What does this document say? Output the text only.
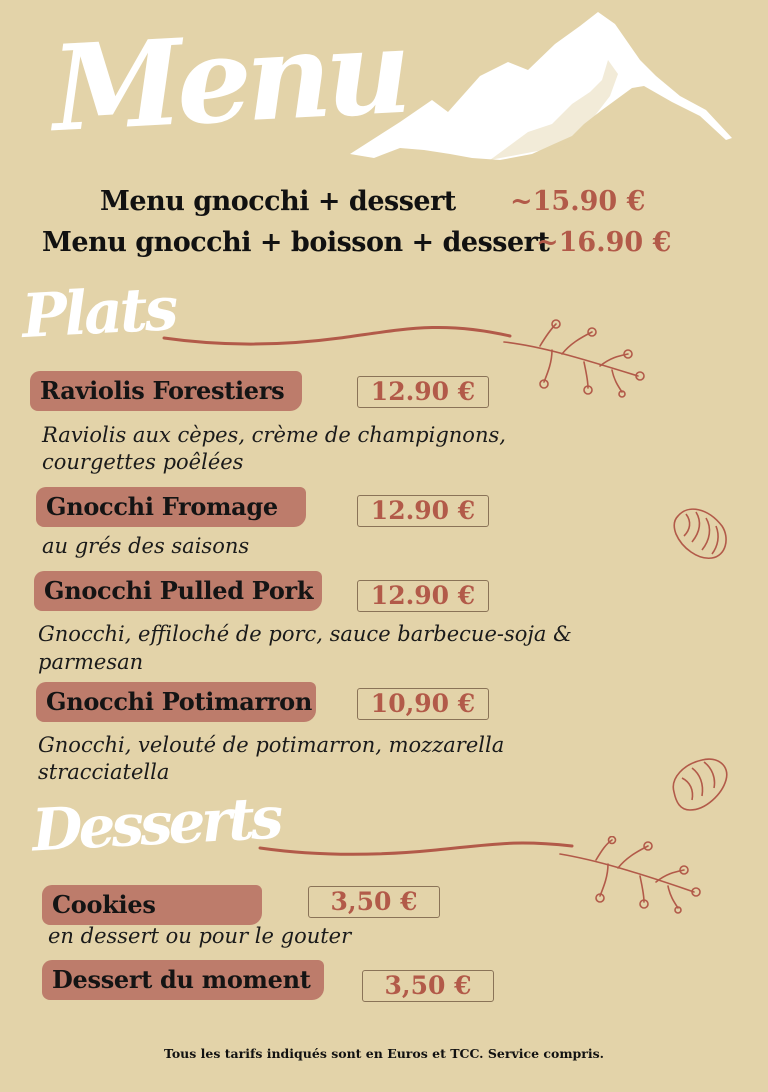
Menu
Menu gnocchi + dessert ~15.90 €
Menu gnocchi + boisson + dessert
~16.90 €
Plats
Raviolis Forestiers	12.90 €
Raviolis aux cèpes, crème de champignons,
courgettes poêlées
Gnocchi Fromage	12.90 €
au grés des saisons
Gnocchi Pulled Pork	12.90 €
Gnocchi, effiloché de porc, sauce barbecue-soja &
parmesan
Gnocchi Potimarron	10,90 €
Gnocchi, velouté de potimarron, mozzarella
stracciatella
Desserts
Cookies	3,50 €
en dessert ou pour le gouter
Dessert du moment	3,50 €
Tous les tarifs indiqués sont en Euros et TCC. Service compris.
